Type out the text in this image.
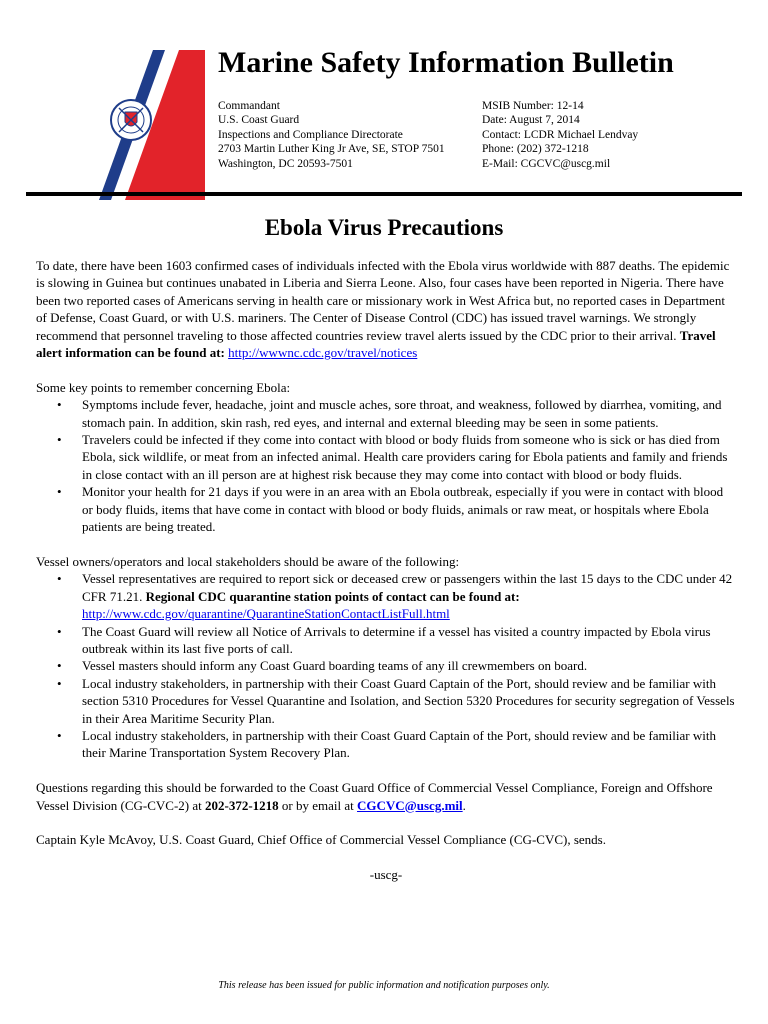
Marine Safety Information Bulletin
Commandant
U.S. Coast Guard
Inspections and Compliance Directorate
2703 Martin Luther King Jr Ave, SE, STOP 7501
Washington, DC 20593-7501
MSIB Number: 12-14
Date: August 7, 2014
Contact: LCDR Michael Lendvay
Phone: (202) 372-1218
E-Mail: CGCVC@uscg.mil
Ebola Virus Precautions

To date, there have been 1603 confirmed cases of individuals infected with the Ebola virus worldwide with 887 deaths. The epidemic is slowing in Guinea but continues unabated in Liberia and Sierra Leone. Also, four cases have been reported in Nigeria. There have been two reported cases of Americans serving in health care or missionary work in West Africa but, no reported cases in Department of Defense, Coast Guard, or with U.S. mariners. The Center of Disease Control (CDC) has issued travel warnings. We strongly recommend that personnel traveling to those affected countries review travel alerts issued by the CDC prior to their arrival. Travel alert information can be found at: http://wwwnc.cdc.gov/travel/notices

Some key points to remember concerning Ebola:

• Symptoms include fever, headache, joint and muscle aches, sore throat, and weakness, followed by diarrhea, vomiting, and stomach pain. In addition, skin rash, red eyes, and internal and external bleeding may be seen in some patients.
• Travelers could be infected if they come into contact with blood or body fluids from someone who is sick or has died from Ebola, sick wildlife, or meat from an infected animal. Health care providers caring for Ebola patients and family and friends in close contact with an ill person are at highest risk because they may come into contact with blood or body fluids.
• Monitor your health for 21 days if you were in an area with an Ebola outbreak, especially if you were in contact with blood or body fluids, items that have come in contact with blood or body fluids, animals or raw meat, or hospitals where Ebola patients are being treated.

Vessel owners/operators and local stakeholders should be aware of the following:

• Vessel representatives are required to report sick or deceased crew or passengers within the last 15 days to the CDC under 42 CFR 71.21. Regional CDC quarantine station points of contact can be found at: http://www.cdc.gov/quarantine/QuarantineStationContactListFull.html
• The Coast Guard will review all Notice of Arrivals to determine if a vessel has visited a country impacted by Ebola virus outbreak within its last five ports of call.
• Vessel masters should inform any Coast Guard boarding teams of any ill crewmembers on board.
• Local industry stakeholders, in partnership with their Coast Guard Captain of the Port, should review and be familiar with section 5310 Procedures for Vessel Quarantine and Isolation, and Section 5320 Procedures for security segregation of Vessels in their Area Maritime Security Plan.
• Local industry stakeholders, in partnership with their Coast Guard Captain of the Port, should review and be familiar with their Marine Transportation System Recovery Plan.

Questions regarding this should be forwarded to the Coast Guard Office of Commercial Vessel Compliance, Foreign and Offshore Vessel Division (CG-CVC-2) at 202-372-1218 or by email at CGCVC@uscg.mil.

Captain Kyle McAvoy, U.S. Coast Guard, Chief Office of Commercial Vessel Compliance (CG-CVC), sends.

-uscg-

This release has been issued for public information and notification purposes only.
